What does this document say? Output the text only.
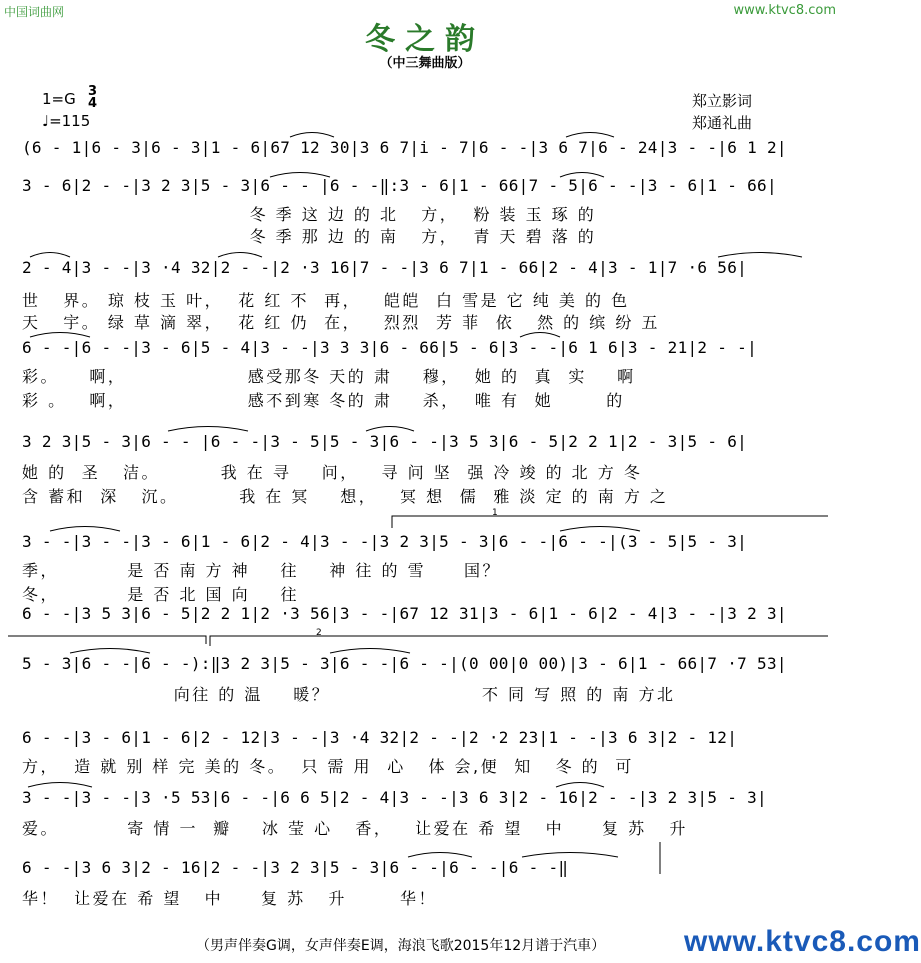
中国词曲网	www.ktvc8.com
冬之韵
（中三舞曲版）
1=G 3
4
♩=115
郑立影词
郑通礼曲
(6 - 1|6 - 3|6 - 3|1 - 6|67 12 30|3 6 7|i - 7|6 - -|3 6 7|6 - 24|3 - -|6 1 2|
3 - 6|2 - -|3 2 3|5 - 3|6 - - |6 - -‖:3 - 6|1 - 66|7 - 5|6 - -|3 - 6|1 - 66|
冬 季 这 边 的 北   方，  粉 装 玉 琢 的
冬 季 那 边 的 南   方，  青 天 碧 落 的
2 - 4|3 - -|3 ·4 32|2 - -|2 ·3 16|7 - -|3 6 7|1 - 66|2 - 4|3 - 1|7 ·6 56|
世   界。 琼 枝 玉 叶，  花 红 不  再，   皑皑  白 雪是 它 纯 美 的 色
天   宇。 绿 草 滴 翠，  花 红 仍  在，   烈烈  芳 菲  依   然 的 缤 纷 五
6 - -|6 - -|3 - 6|5 - 4|3 - -|3 3 3|6 - 66|5 - 6|3 - -|6 1 6|3 - 21|2 - -|
彩。    啊，                感受那冬 天的 肃    穆，  她 的  真  实    啊
彩 。   啊，                感不到寒 冬的 肃    杀，  唯 有  她       的
3 2 3|5 - 3|6 - - |6 - -|3 - 5|5 - 3|6 - -|3 5 3|6 - 5|2 2 1|2 - 3|5 - 6|
她 的  圣   洁。        我 在 寻    问，   寻 问 坚  强 冷 竣 的 北 方 冬
含 蓄和  深   沉。        我 在 冥    想，   冥 想  儒  雅 淡 定 的 南 方 之
3 - -|3 - -|3 - 6|1 - 6|2 - 4|3 - -|3 2 3|5 - 3|6 - -|6 - -|(3 - 5|5 - 3|
季，         是 否 南 方 神    往    神 往 的 雪     国？
冬，         是 否 北 国 向    往
6 - -|3 5 3|6 - 5|2 2 1|2 ·3 56|3 - -|67 12 31|3 - 6|1 - 6|2 - 4|3 - -|3 2 3|
5 - 3|6 - -|6 - -):‖3 2 3|5 - 3|6 - -|6 - -|(0 00|0 00)|3 - 6|1 - 66|7 ·7 53|
向往 的 温    暖？                    不 同 写 照 的 南 方北
6 - -|3 - 6|1 - 6|2 - 12|3 - -|3 ·4 32|2 - -|2 ·2 23|1 - -|3 6 3|2 - 12|
方，  造 就 别 样 完 美的 冬。  只 需 用  心   体 会,便  知   冬 的  可
3 - -|3 - -|3 ·5 53|6 - -|6 6 5|2 - 4|3 - -|3 6 3|2 - 16|2 - -|3 2 3|5 - 3|
爱。         寄 情 一  瓣    冰 莹 心   香，   让爱在 希 望   中     复 苏   升
6 - -|3 6 3|2 - 16|2 - -|3 2 3|5 - 3|6 - -|6 - -|6 - -‖
华！  让爱在 希 望   中     复 苏   升       华！
1
2
（男声伴奏G调，女声伴奏E调，海浪飞歌2015年12月谱于汽車）	www.ktvc8.com
